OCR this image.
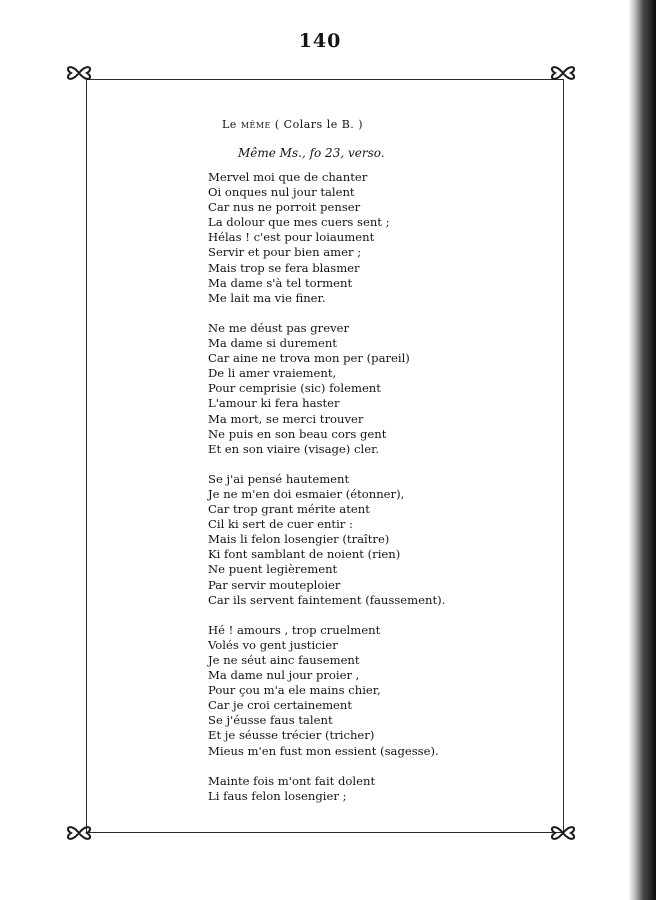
140
Le même ( Colars le B. )
Même Ms., fo 23, verso.
Mervel moi que de chanter
Oi onques nul jour talent
Car nus ne porroit penser
La dolour que mes cuers sent ;
Hélas ! c'est pour loiaument
Servir et pour bien amer ;
Mais trop se fera blasmer
Ma dame s'à tel torment
Me lait ma vie finer.
Ne me déust pas grever
Ma dame si durement
Car aine ne trova mon per (pareil)
De li amer vraiement,
Pour cemprisie (sic) folement
L'amour ki fera haster
Ma mort, se merci trouver
Ne puis en son beau cors gent
Et en son viaire (visage) cler.
Se j'ai pensé hautement
Je ne m'en doi esmaier (étonner),
Car trop grant mérite atent
Cil ki sert de cuer entir :
Mais li felon losengier (traître)
Ki font samblant de noient (rien)
Ne puent legièrement
Par servir mouteploier
Car ils servent faintement (faussement).
Hé ! amours , trop cruelment
Volés vo gent justicier
Je ne séut ainc fausement
Ma dame nul jour proier ,
Pour çou m'a ele mains chier,
Car je croi certainement
Se j'éusse faus talent
Et je séusse trécier (tricher)
Mieus m'en fust mon essient (sagesse).
Mainte fois m'ont fait dolent
Li faus felon losengier ;
